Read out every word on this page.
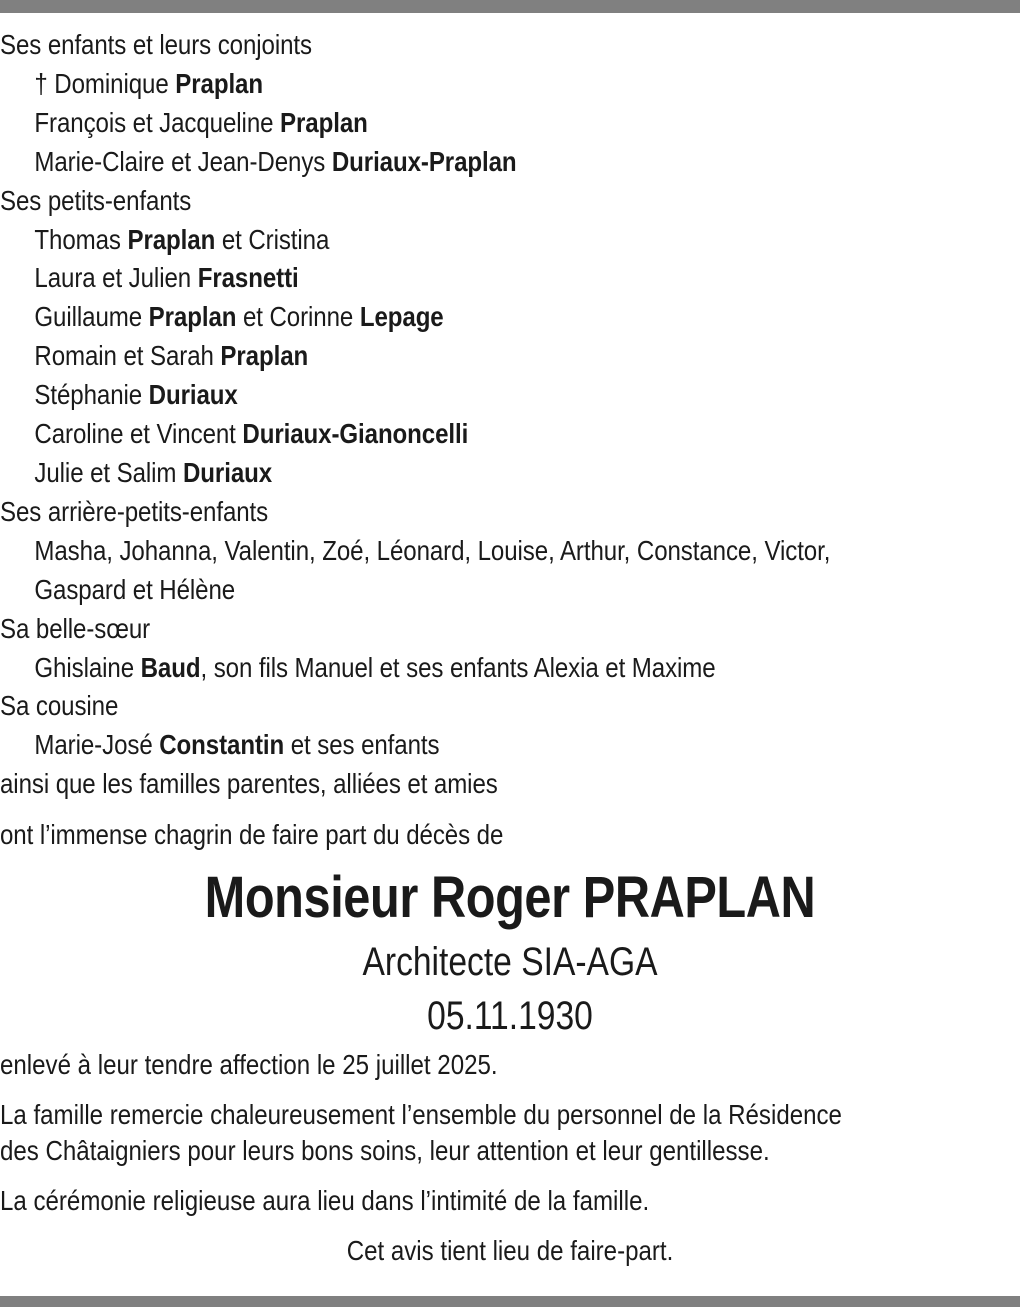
Ses enfants et leurs conjoints
† Dominique Praplan
François et Jacqueline Praplan
Marie-Claire et Jean-Denys Duriaux-Praplan
Ses petits-enfants
Thomas Praplan et Cristina
Laura et Julien Frasnetti
Guillaume Praplan et Corinne Lepage
Romain et Sarah Praplan
Stéphanie Duriaux
Caroline et Vincent Duriaux-Gianoncelli
Julie et Salim Duriaux
Ses arrière-petits-enfants
Masha, Johanna, Valentin, Zoé, Léonard, Louise, Arthur, Constance, Victor,
Gaspard et Hélène
Sa belle-sœur
Ghislaine Baud, son fils Manuel et ses enfants Alexia et Maxime
Sa cousine
Marie-José Constantin et ses enfants
ainsi que les familles parentes, alliées et amies
ont l’immense chagrin de faire part du décès de
Monsieur Roger PRAPLAN
Architecte SIA-AGA
05.11.1930
enlevé à leur tendre affection le 25 juillet 2025.
La famille remercie chaleureusement l’ensemble du personnel de la Résidence
des Châtaigniers pour leurs bons soins, leur attention et leur gentillesse.
La cérémonie religieuse aura lieu dans l’intimité de la famille.
Cet avis tient lieu de faire-part.
